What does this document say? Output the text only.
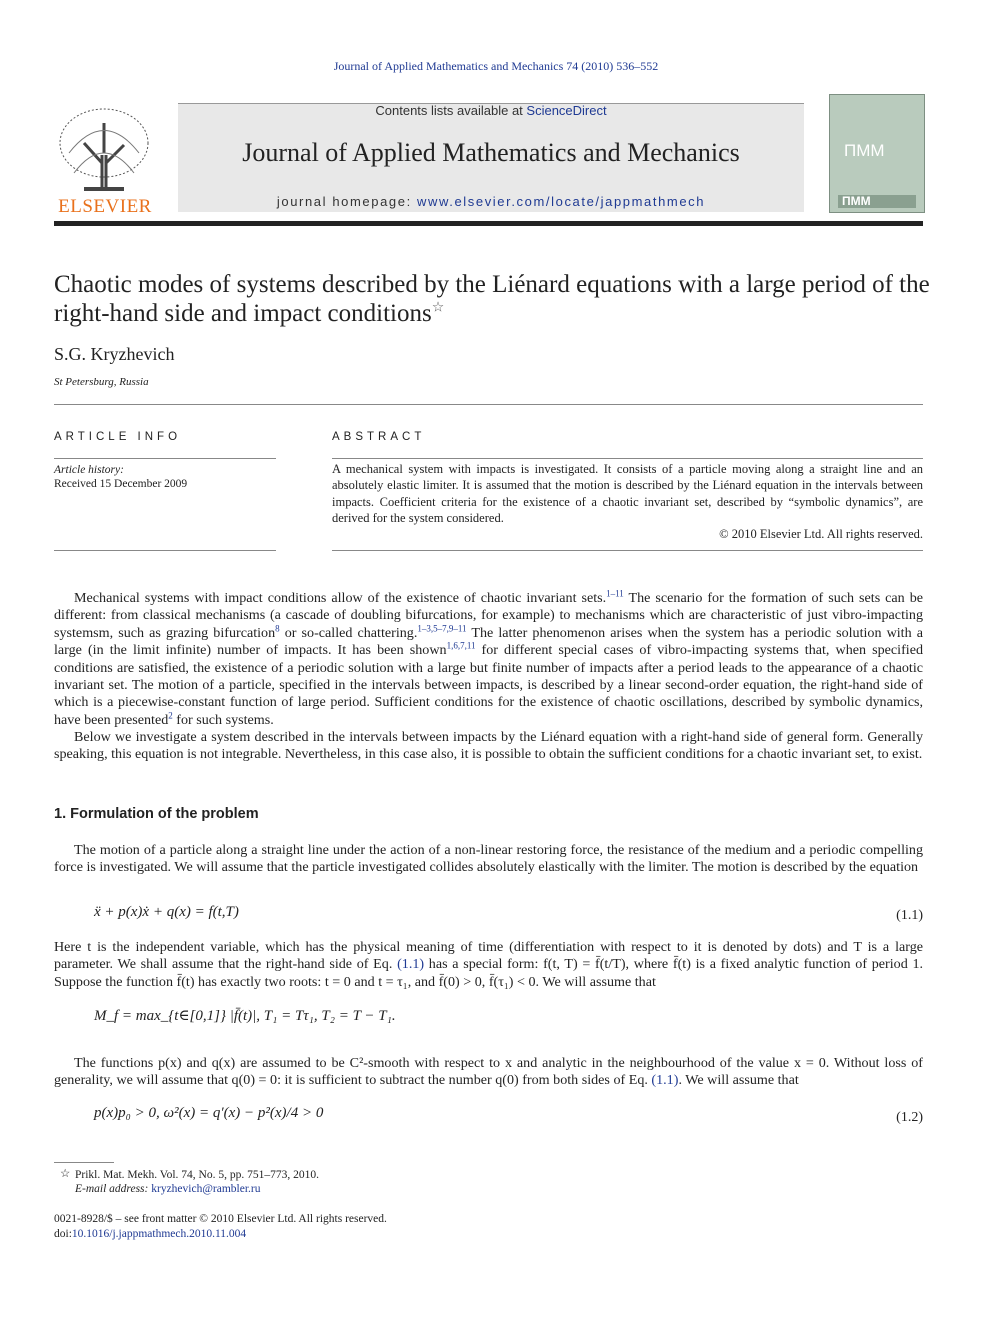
Journal of Applied Mathematics and Mechanics 74 (2010) 536–552
ELSEVIER
Contents lists available at ScienceDirect
Journal of Applied Mathematics and Mechanics
journal homepage: www.elsevier.com/locate/jappmathmech
ПММ
ПММ
Chaotic modes of systems described by the Liénard equations with a large period of the right-hand side and impact conditions☆
S.G. Kryzhevich
St Petersburg, Russia
ARTICLE INFO
Article history:
Received 15 December 2009
ABSTRACT
A mechanical system with impacts is investigated. It consists of a particle moving along a straight line and an absolutely elastic limiter. It is assumed that the motion is described by the Liénard equation in the intervals between impacts. Coefficient criteria for the existence of a chaotic invariant set, described by “symbolic dynamics”, are derived for the system considered.
© 2010 Elsevier Ltd. All rights reserved.
Mechanical systems with impact conditions allow of the existence of chaotic invariant sets.$^{1-11}$ The scenario for the formation of such sets can be different: from classical mechanisms (a cascade of doubling bifurcations, for example) to mechanisms which are characteristic of just vibro-impacting systemsm, such as grazing bifurcation$^8$ or so-called chattering.$^{1-3,5-7,9-11}$ The latter phenomenon arises when the system has a periodic solution with a large (in the limit infinite) number of impacts. It has been shown$^{1,6,7,11}$ for different special cases of vibro-impacting systems that, when specified conditions are satisfied, the existence of a periodic solution with a large but finite number of impacts after a period leads to the appearance of a chaotic invariant set. The motion of a particle, specified in the intervals between impacts, is described by a linear second-order equation, the right-hand side of which is a piecewise-constant function of large period. Sufficient conditions for the existence of chaotic oscillations, described by symbolic dynamics, have been presented$^2$ for such systems.
Below we investigate a system described in the intervals between impacts by the Liénard equation with a right-hand side of general form. Generally speaking, this equation is not integrable. Nevertheless, in this case also, it is possible to obtain the sufficient conditions for a chaotic invariant set, to exist.
1. Formulation of the problem
The motion of a particle along a straight line under the action of a non-linear restoring force, the resistance of the medium and a periodic compelling force is investigated. We will assume that the particle investigated collides absolutely elastically with the limiter. The motion is described by the equation
ẍ + p(x)ẋ + q(x) = f(t,T)	(1.1)
Here t is the independent variable, which has the physical meaning of time (differentiation with respect to it is denoted by dots) and T is a large parameter. We shall assume that the right-hand side of Eq. (1.1) has a special form: f(t, T) = f̄(t/T), where f̄(t) is a fixed analytic function of period 1. Suppose the function f̄(t) has exactly two roots: t = 0 and t = τ₁, and f̄(0) > 0, f̄(τ₁) < 0. We will assume that
M_f = max_{t∈[0,1]} |f̄(t)|, T₁ = Tτ₁, T₂ = T − T₁.
The functions p(x) and q(x) are assumed to be C²-smooth with respect to x and analytic in the neighbourhood of the value x = 0. Without loss of generality, we will assume that q(0) = 0: it is sufficient to subtract the number q(0) from both sides of Eq. (1.1). We will assume that
p(x)p₀ > 0, ω²(x) = q′(x) − p²(x)/4 > 0	(1.2)
☆ Prikl. Mat. Mekh. Vol. 74, No. 5, pp. 751–773, 2010.
E-mail address: kryzhevich@rambler.ru
0021-8928/$ – see front matter © 2010 Elsevier Ltd. All rights reserved.
doi:10.1016/j.jappmathmech.2010.11.004
